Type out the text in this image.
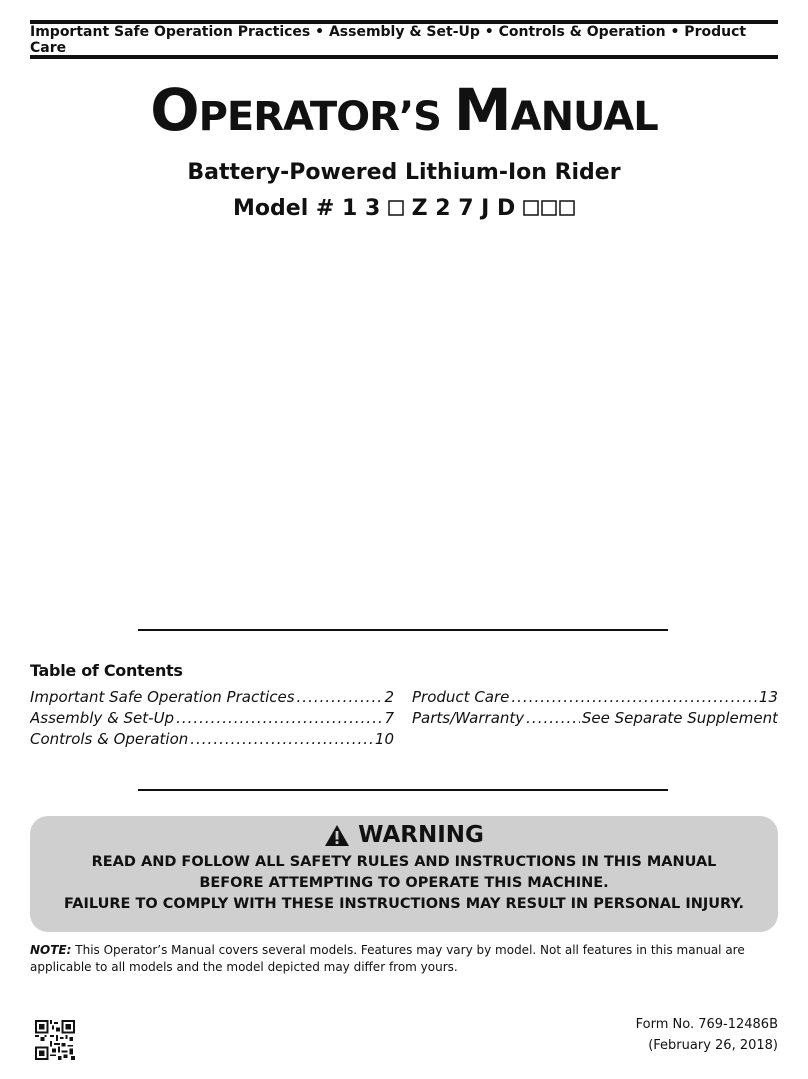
Important Safe Operation Practices • Assembly & Set-Up • Controls & Operation • Product Care
OPERATOR’S MANUAL
Battery-Powered Lithium-Ion Rider
Model # 1 3 Z 2 7 J D
Table of Contents
Important Safe Operation Practices .....	2
Assembly & Set-Up .....	7
Controls & Operation .....	10
Product Care .....	13
Parts/Warranty .....	See Separate Supplement
WARNING
READ AND FOLLOW ALL SAFETY RULES AND INSTRUCTIONS IN THIS MANUAL
BEFORE ATTEMPTING TO OPERATE THIS MACHINE.
FAILURE TO COMPLY WITH THESE INSTRUCTIONS MAY RESULT IN PERSONAL INJURY.
NOTE: This Operator’s Manual covers several models. Features may vary by model. Not all features in this manual are applicable to all models and the model depicted may differ from yours.
Form No. 769-12486B
(February 26, 2018)
